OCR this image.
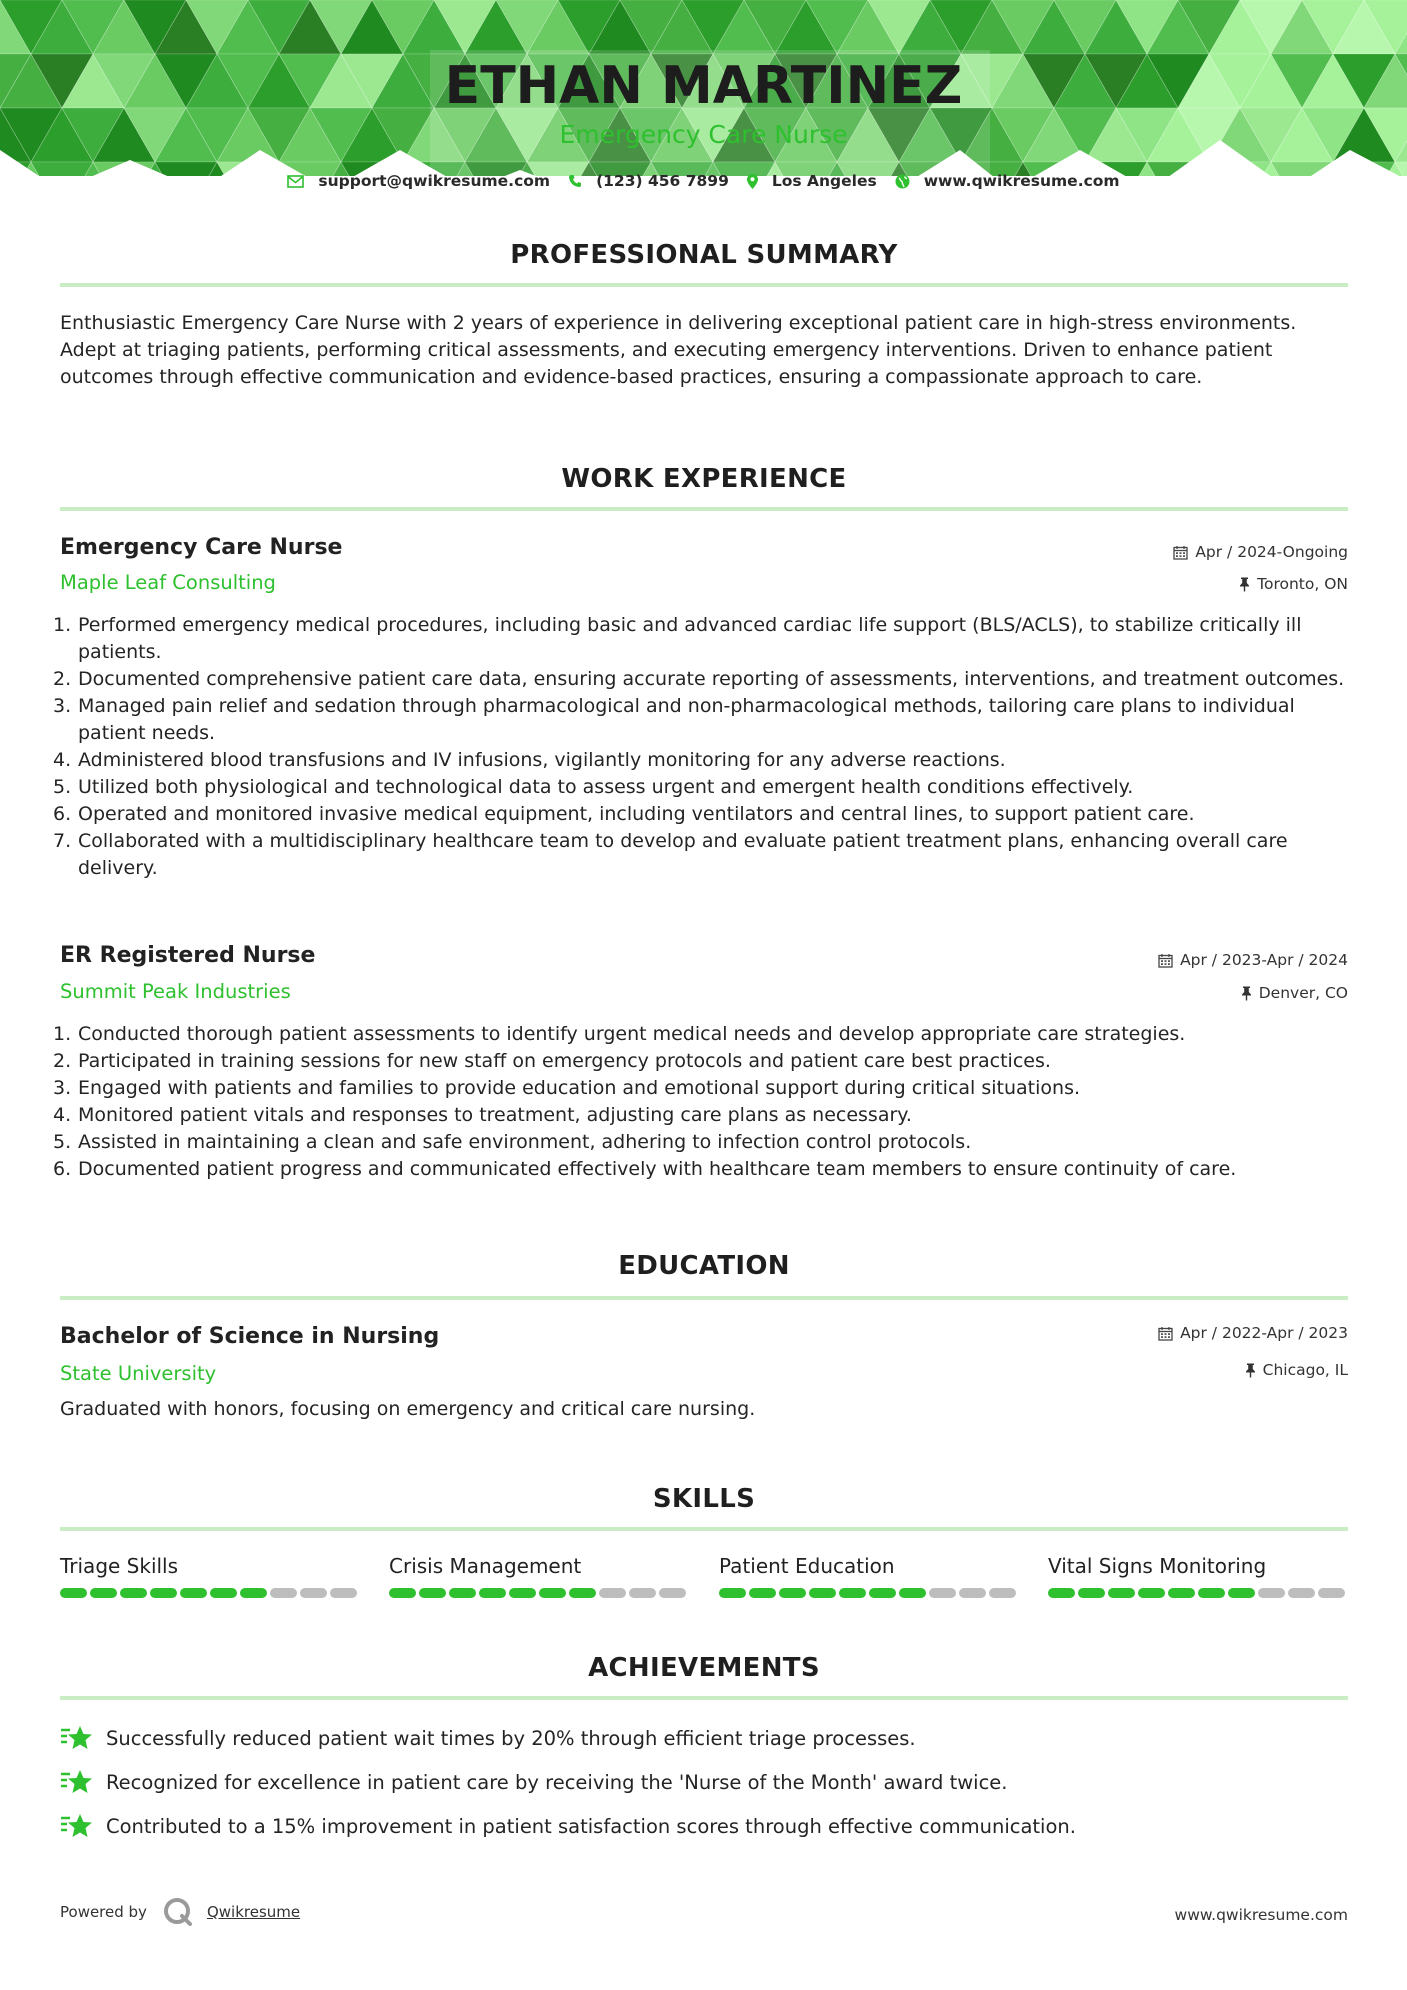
ETHAN MARTINEZ
Emergency Care Nurse
support@qwikresume.com	(123) 456 7899	Los Angeles	www.qwikresume.com
PROFESSIONAL SUMMARY
Enthusiastic Emergency Care Nurse with 2 years of experience in delivering exceptional patient care in high-stress environments. Adept at triaging patients, performing critical assessments, and executing emergency interventions. Driven to enhance patient outcomes through effective communication and evidence-based practices, ensuring a compassionate approach to care.
WORK EXPERIENCE
Emergency Care Nurse	Apr / 2024-Ongoing
Maple Leaf Consulting	Toronto, ON
Performed emergency medical procedures, including basic and advanced cardiac life support (BLS/ACLS), to stabilize critically ill patients.
Documented comprehensive patient care data, ensuring accurate reporting of assessments, interventions, and treatment outcomes.
Managed pain relief and sedation through pharmacological and non-pharmacological methods, tailoring care plans to individual patient needs.
Administered blood transfusions and IV infusions, vigilantly monitoring for any adverse reactions.
Utilized both physiological and technological data to assess urgent and emergent health conditions effectively.
Operated and monitored invasive medical equipment, including ventilators and central lines, to support patient care.
Collaborated with a multidisciplinary healthcare team to develop and evaluate patient treatment plans, enhancing overall care delivery.
ER Registered Nurse	Apr / 2023-Apr / 2024
Summit Peak Industries	Denver, CO
Conducted thorough patient assessments to identify urgent medical needs and develop appropriate care strategies.
Participated in training sessions for new staff on emergency protocols and patient care best practices.
Engaged with patients and families to provide education and emotional support during critical situations.
Monitored patient vitals and responses to treatment, adjusting care plans as necessary.
Assisted in maintaining a clean and safe environment, adhering to infection control protocols.
Documented patient progress and communicated effectively with healthcare team members to ensure continuity of care.
EDUCATION
Bachelor of Science in Nursing	Apr / 2022-Apr / 2023
State University	Chicago, IL
Graduated with honors, focusing on emergency and critical care nursing.
SKILLS
Triage Skills	Crisis Management	Patient Education	Vital Signs Monitoring
ACHIEVEMENTS
Successfully reduced patient wait times by 20% through efficient triage processes.
Recognized for excellence in patient care by receiving the 'Nurse of the Month' award twice.
Contributed to a 15% improvement in patient satisfaction scores through effective communication.
Powered by	Qwikresume	www.qwikresume.com
